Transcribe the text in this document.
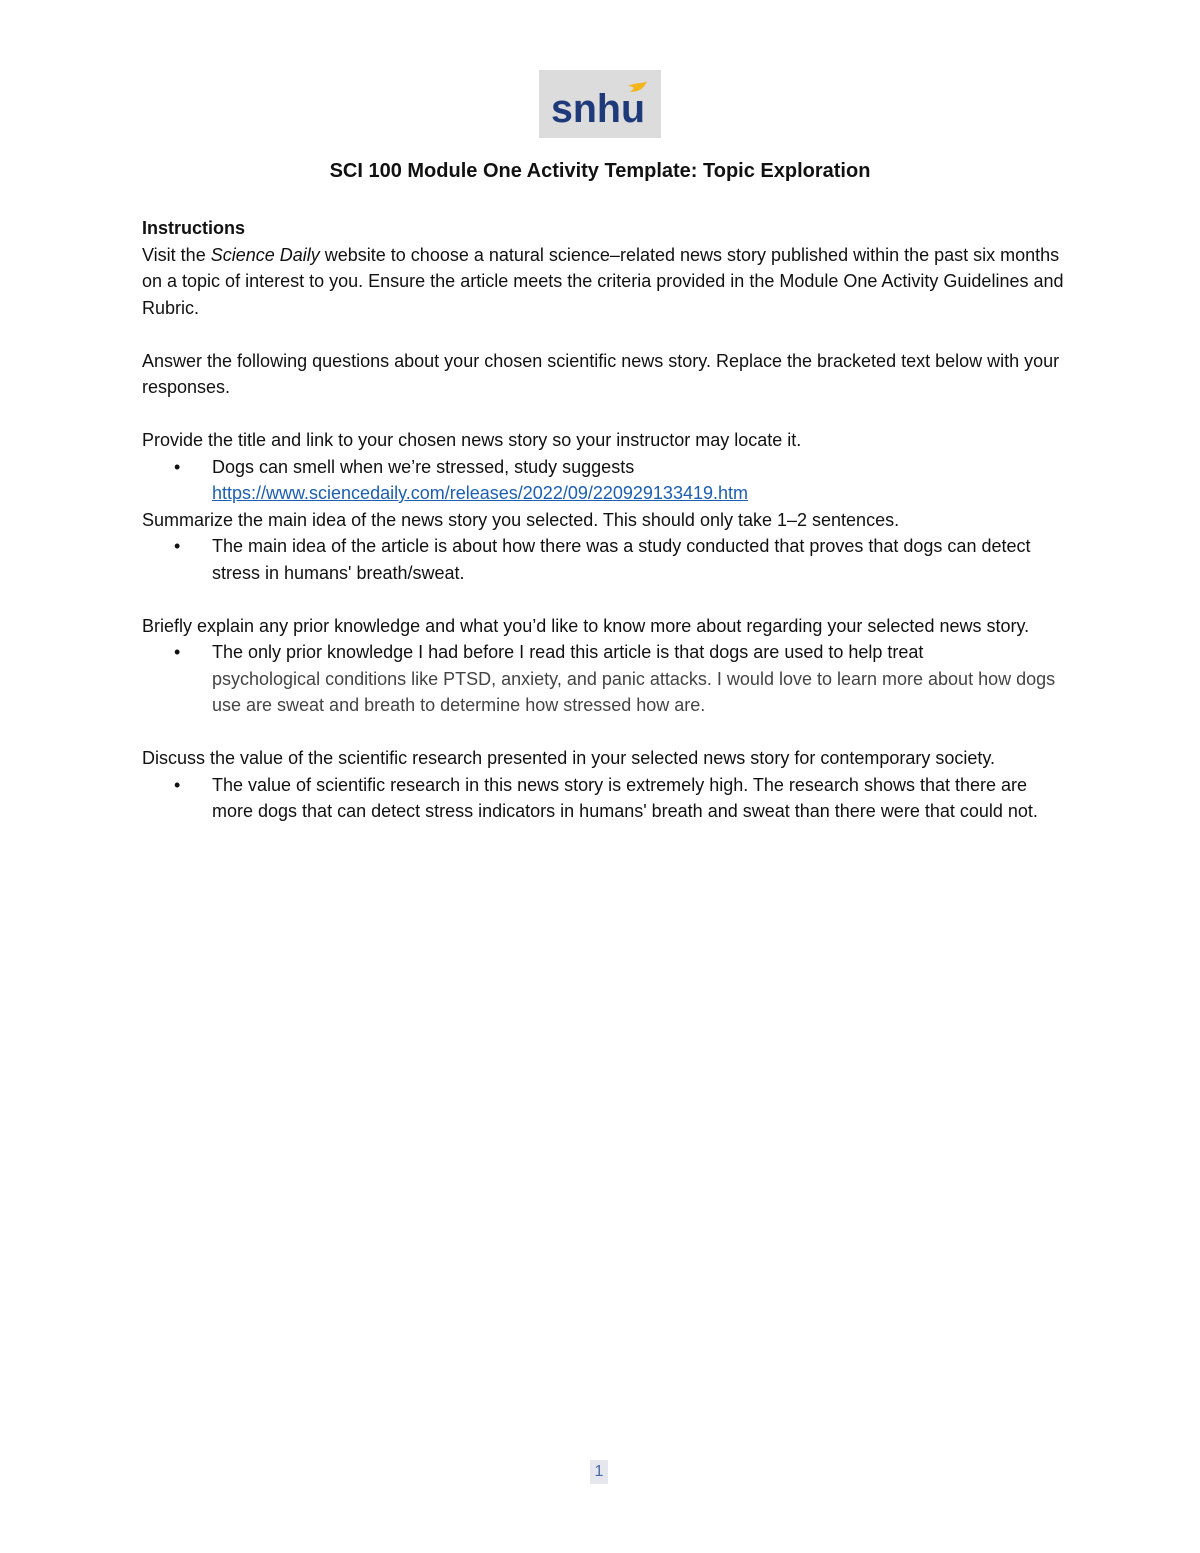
snhu
SCI 100 Module One Activity Template: Topic Exploration

Instructions

Visit the Science Daily website to choose a natural science–related news story published within the past six months on a topic of interest to you. Ensure the article meets the criteria provided in the Module One Activity Guidelines and Rubric.

Answer the following questions about your chosen scientific news story. Replace the bracketed text below with your responses.

Provide the title and link to your chosen news story so your instructor may locate it.

• Dogs can smell when we’re stressed, study suggests
https://www.sciencedaily.com/releases/2022/09/220929133419.htm

Summarize the main idea of the news story you selected. This should only take 1–2 sentences.

• The main idea of the article is about how there was a study conducted that proves that dogs can detect stress in humans' breath/sweat.

Briefly explain any prior knowledge and what you’d like to know more about regarding your selected news story.

• The only prior knowledge I had before I read this article is that dogs are used to help treat
psychological conditions like PTSD, anxiety, and panic attacks. I would love to learn more about how dogs use are sweat and breath to determine how stressed how are.

Discuss the value of the scientific research presented in your selected news story for contemporary society.

• The value of scientific research in this news story is extremely high. The research shows that there are more dogs that can detect stress indicators in humans' breath and sweat than there were that could not.
1
